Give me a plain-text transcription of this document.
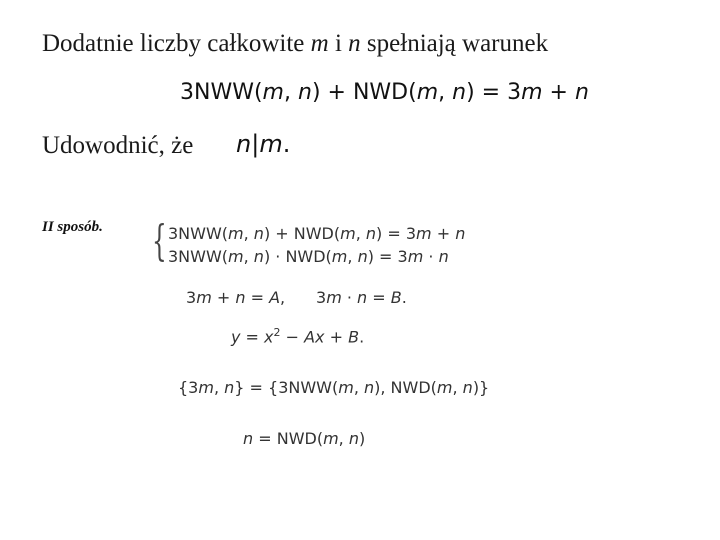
Dodatnie liczby całkowite m i n spełniają warunek
3NWW(m, n) + NWD(m, n) = 3m + n
Udowodnić, że n|m.
II sposób. { 3NWW(m, n) + NWD(m, n) = 3m + n
3NWW(m, n) · NWD(m, n) = 3m · n
3m + n = A, 3m · n = B.
$y = x^2 - Ax + B$.
{3m, n} = {3NWW(m, n), NWD(m, n)}
n = NWD(m, n)
